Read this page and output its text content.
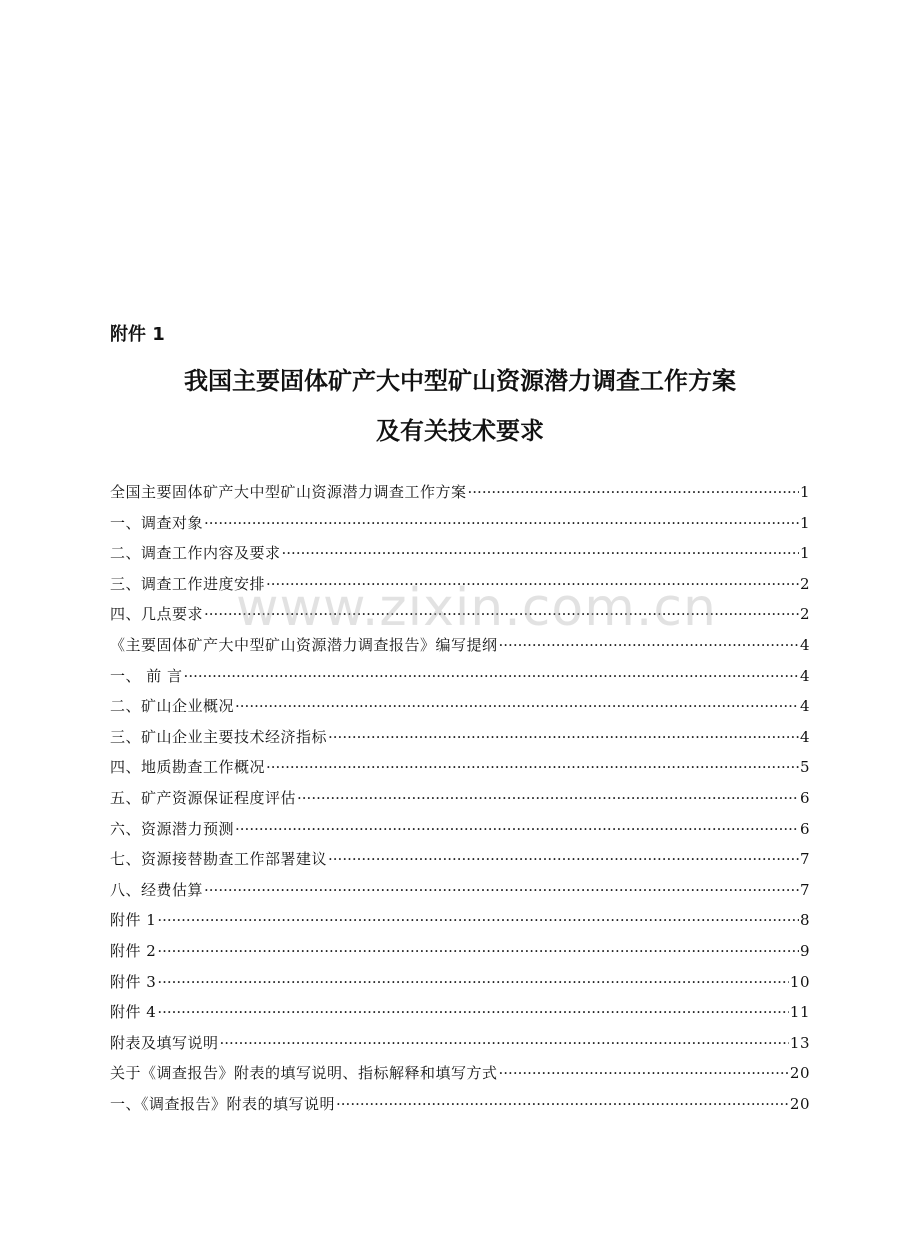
附件 1
我国主要固体矿产大中型矿山资源潜力调查工作方案
及有关技术要求
全国主要固体矿产大中型矿山资源潜力调查工作方案 ·····	1
一、调查对象 ·····	1
二、调查工作内容及要求 ·····	1
三、调查工作进度安排 ·····	2
四、几点要求 ·····	2
《主要固体矿产大中型矿山资源潜力调查报告》编写提纲 ·····	4
一、 前 言 ·····	4
二、矿山企业概况 ·····	4
三、矿山企业主要技术经济指标 ·····	4
四、地质勘查工作概况 ·····	5
五、矿产资源保证程度评估 ·····	6
六、资源潜力预测 ·····	6
七、资源接替勘查工作部署建议 ·····	7
八、经费估算 ·····	7
附件 1 ·····	8
附件 2 ·····	9
附件 3 ·····	10
附件 4 ·····	11
附表及填写说明 ·····	13
关于《调查报告》附表的填写说明、指标解释和填写方式 ·····	20
一、《调查报告》附表的填写说明 ·····	20
www.zixin.com.cn
